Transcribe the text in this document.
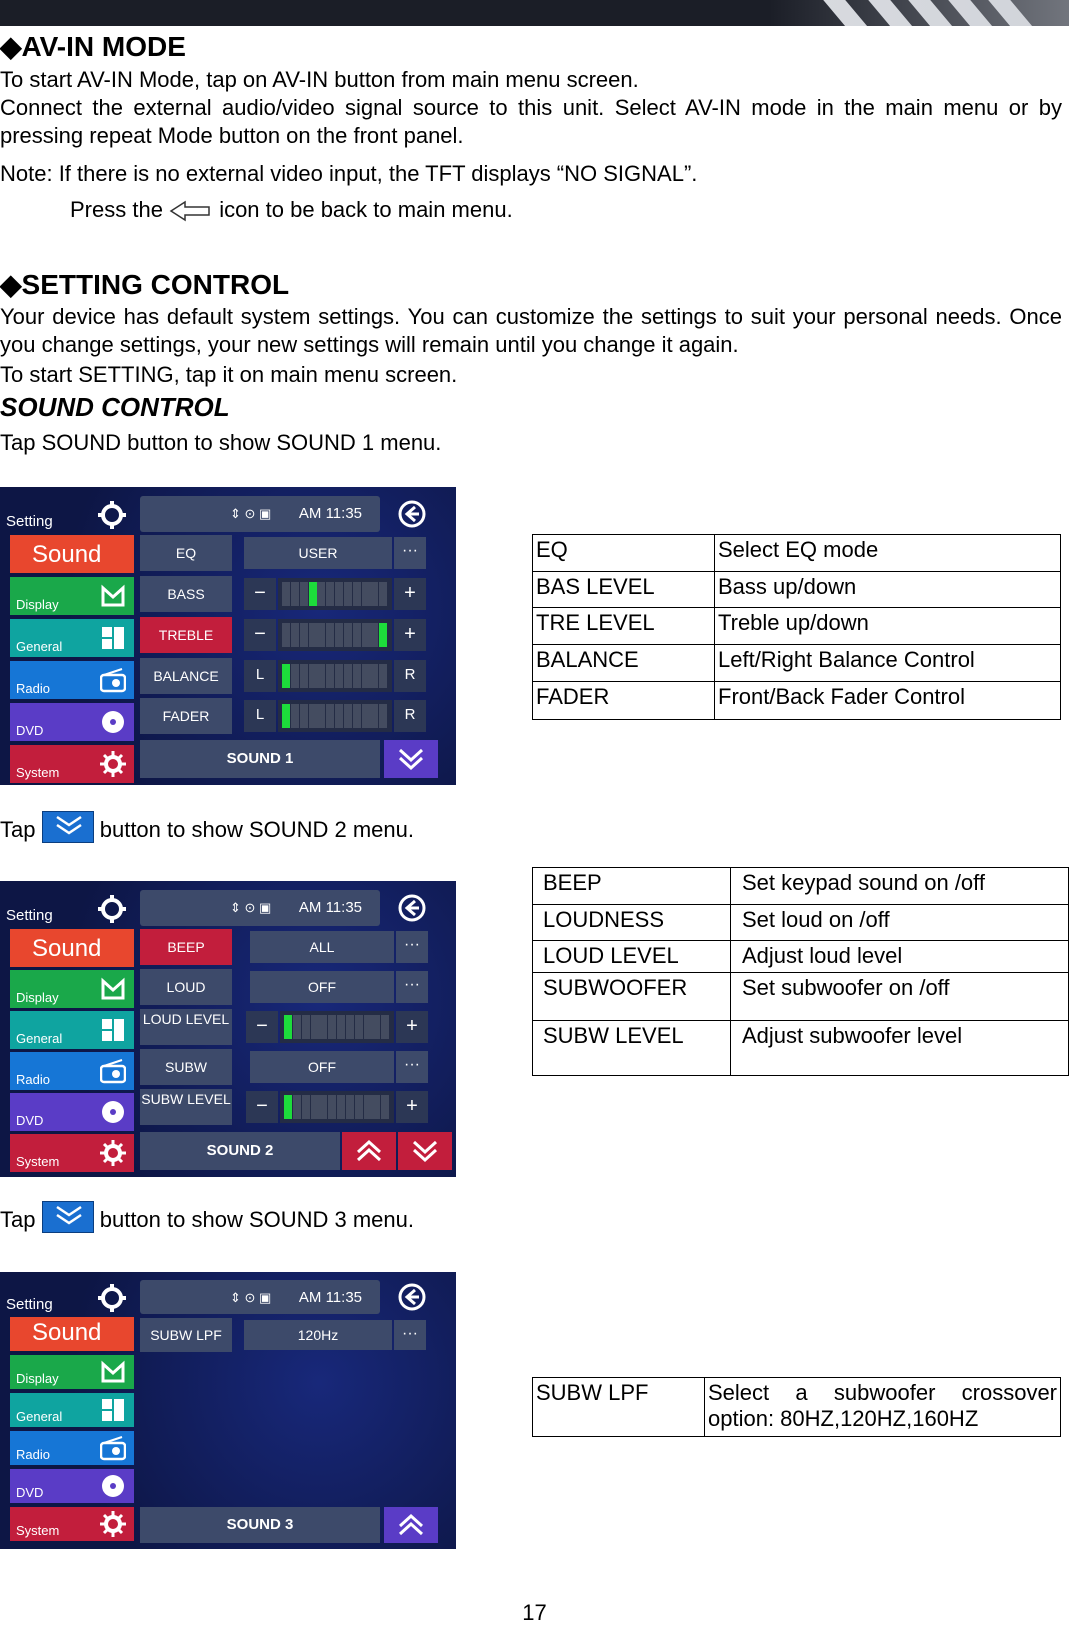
◆AV-IN MODE
To start AV-IN Mode, tap on AV-IN button from main menu screen.
Connect the external audio/video signal source to this unit. Select AV-IN mode in the main menu or by pressing repeat Mode button on the front panel.
Note: If there is no external video input, the TFT displays “NO SIGNAL”.
Press the	icon to be back to main menu.
◆SETTING CONTROL
Your device has default system settings. You can customize the settings to suit your personal needs. Once you change settings, your new settings will remain until you change it again.
To start SETTING, tap it on main menu screen.
SOUND CONTROL
Tap SOUND button to show SOUND 1 menu.
Setting
Sound
Display
General
Radio
DVD
System
⇕ ⊙ ▣ AM 11:35
EQ	USER	···
BASS	−	+
TREBLE	−	+
BALANCE	L	R
FADER	L	R
SOUND 1
EQ	Select EQ mode
BAS LEVEL	Bass up/down
TRE LEVEL	Treble up/down
BALANCE	Left/Right Balance Control
FADER	Front/Back Fader Control
Tap	button to show SOUND 2 menu.
Setting
Sound
Display
General
Radio
DVD
System
⇕ ⊙ ▣ AM 11:35
BEEP	ALL	···
LOUD	OFF	···
LOUD LEVEL	−	+
SUBW	OFF	···
SUBW LEVEL	−	+
SOUND 2
BEEP	Set keypad sound on /off
LOUDNESS	Set loud on /off
LOUD LEVEL	Adjust loud level
SUBWOOFER	Set subwoofer on /off
SUBW LEVEL	Adjust subwoofer level
Tap	button to show SOUND 3 menu.
Setting
Sound
Display
General
Radio
DVD
System
⇕ ⊙ ▣ AM 11:35
SUBW LPF	120Hz	···
SOUND 3
SUBW LPF	Select a subwoofer crossover option: 80HZ,120HZ,160HZ
17
